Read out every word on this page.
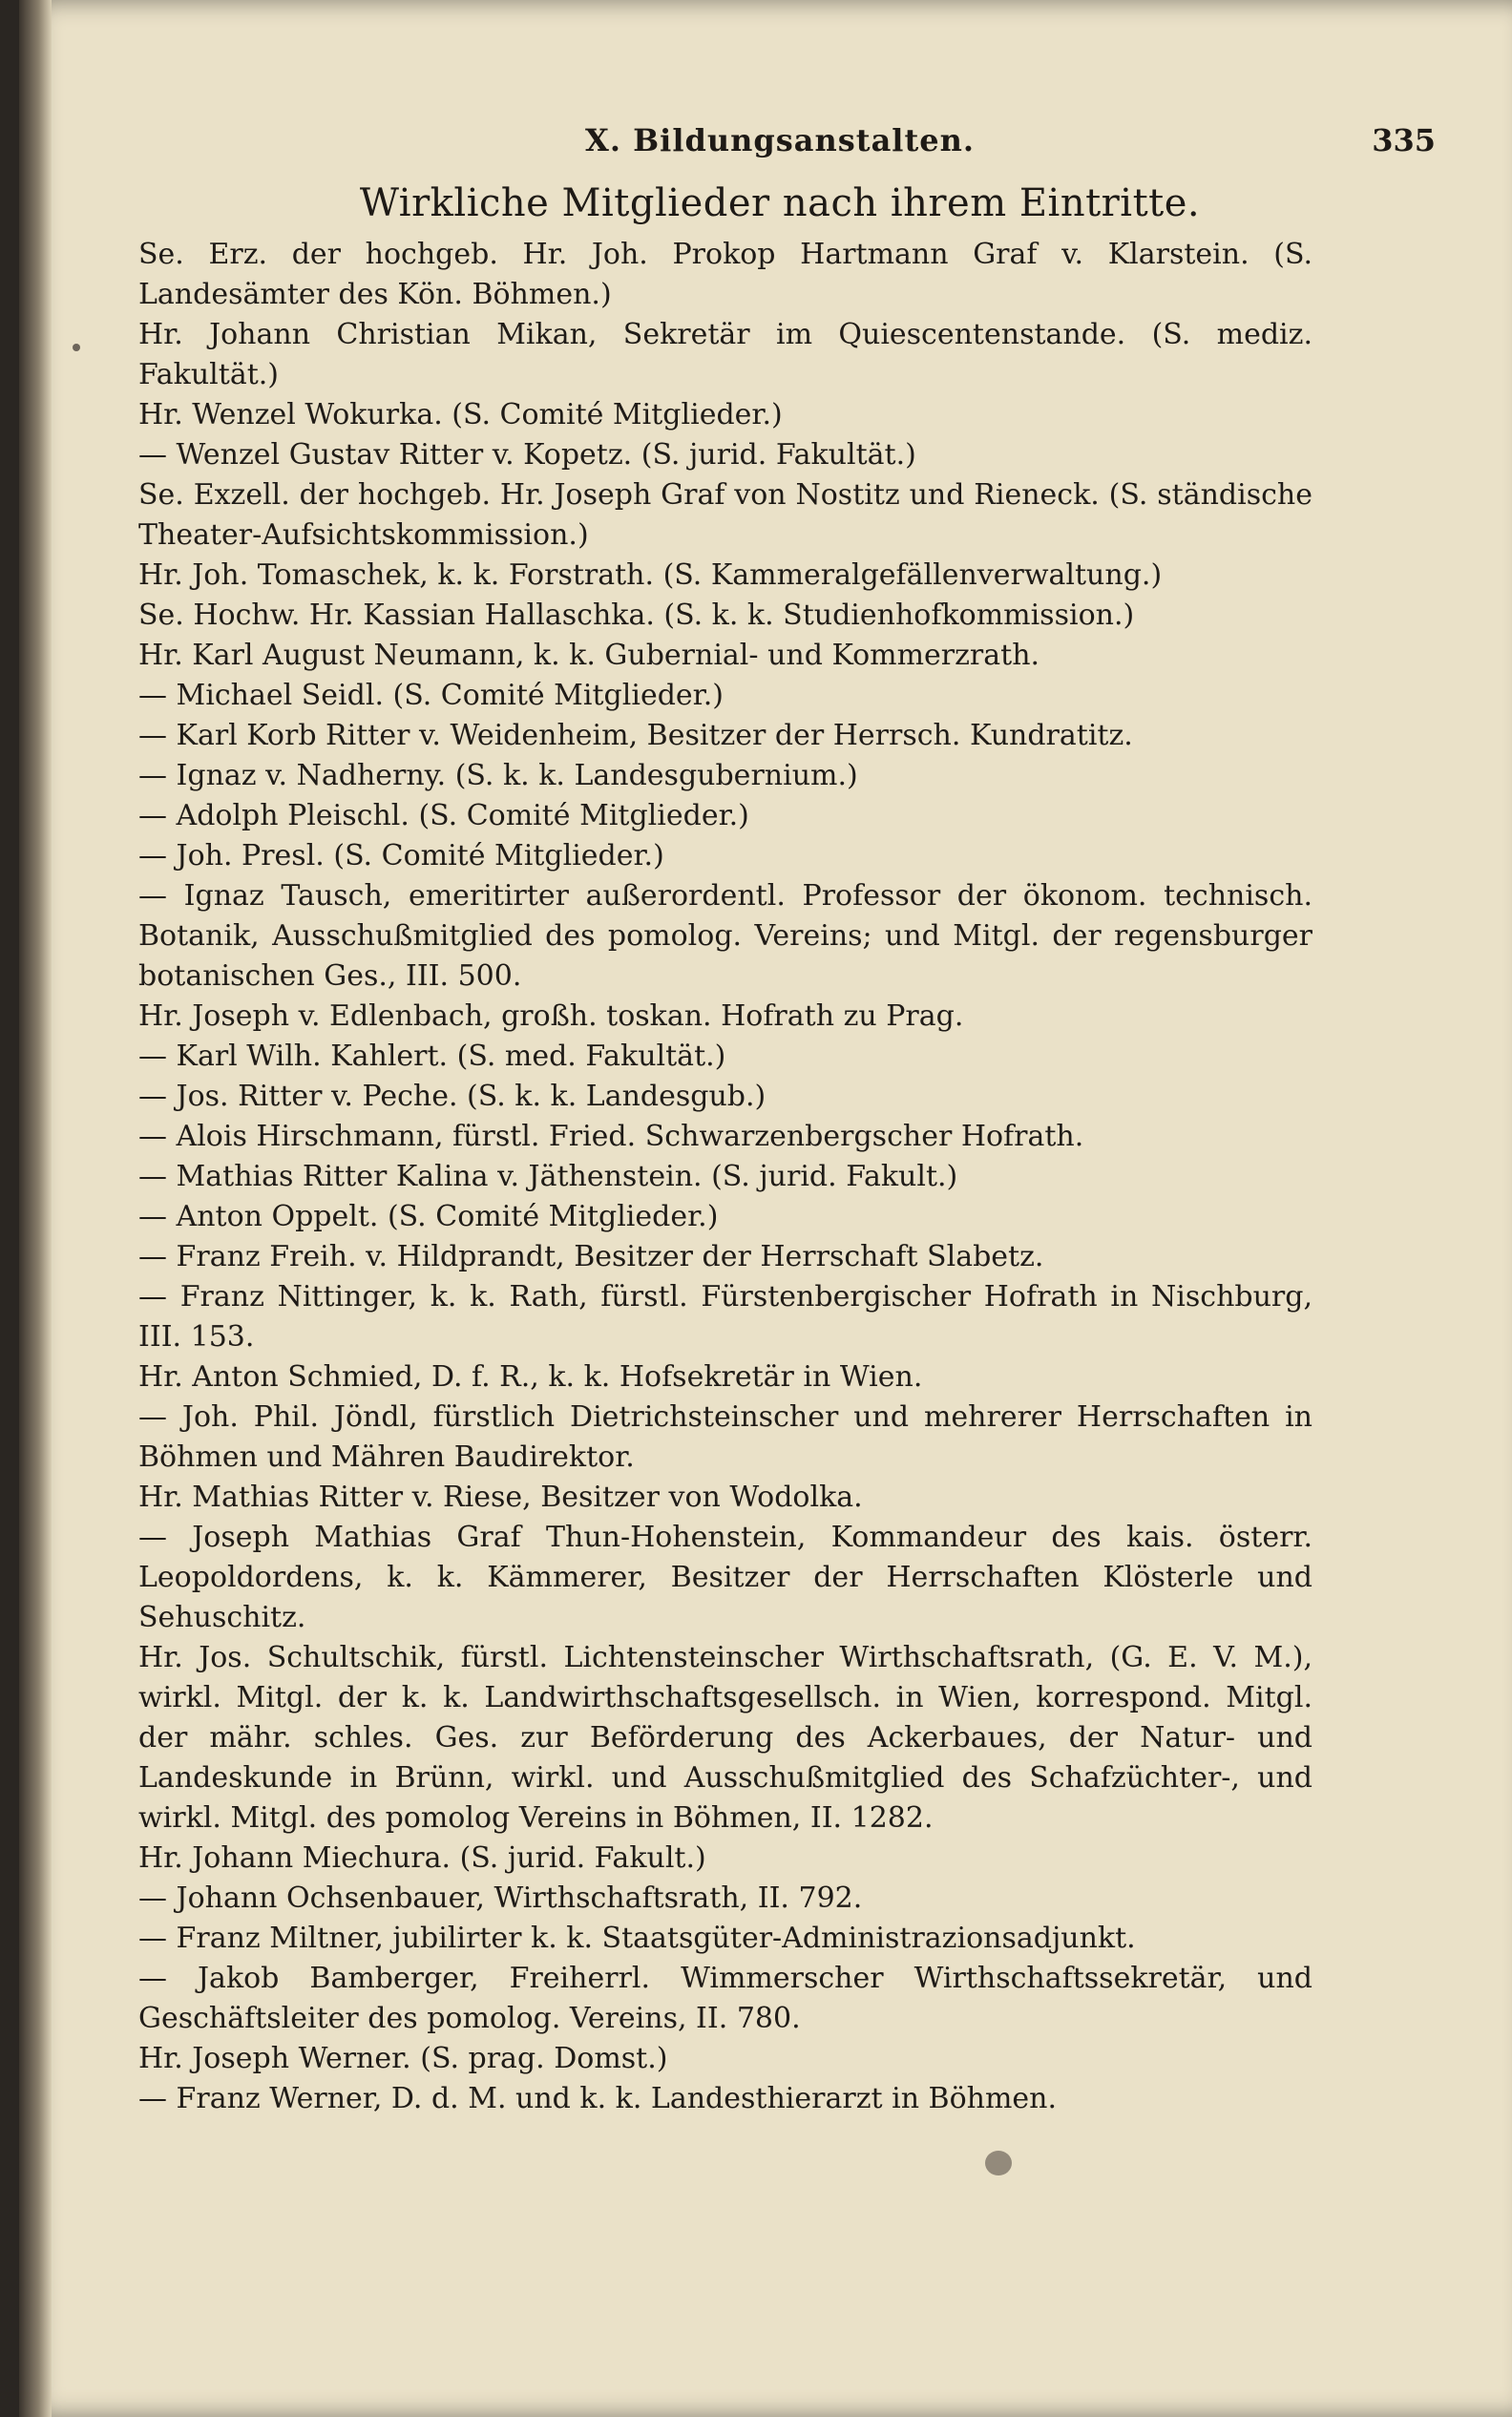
X. Bildungsanstalten.	335
Wirkliche Mitglieder nach ihrem Eintritte.

Se. Erz. der hochgeb. Hr. Joh. Prokop Hartmann Graf v. Klarstein. (S. Landesämter des Kön. Böhmen.)

Hr. Johann Christian Mikan, Sekretär im Quiescentenstande. (S. mediz. Fakultät.)

Hr. Wenzel Wokurka. (S. Comité Mitglieder.)

— Wenzel Gustav Ritter v. Kopetz. (S. jurid. Fakultät.)

Se. Exzell. der hochgeb. Hr. Joseph Graf von Nostitz und Rieneck. (S. ständische Theater-Aufsichtskommission.)

Hr. Joh. Tomaschek, k. k. Forstrath. (S. Kammeralgefällenverwaltung.)

Se. Hochw. Hr. Kassian Hallaschka. (S. k. k. Studienhofkommission.)

Hr. Karl August Neumann, k. k. Gubernial- und Kommerzrath.

— Michael Seidl. (S. Comité Mitglieder.)

— Karl Korb Ritter v. Weidenheim, Besitzer der Herrsch. Kundratitz.

— Ignaz v. Nadherny. (S. k. k. Landesgubernium.)

— Adolph Pleischl. (S. Comité Mitglieder.)

— Joh. Presl. (S. Comité Mitglieder.)

— Ignaz Tausch, emeritirter außerordentl. Professor der ökonom. technisch. Botanik, Ausschußmitglied des pomolog. Vereins; und Mitgl. der regensburger botanischen Ges., III. 500.

Hr. Joseph v. Edlenbach, großh. toskan. Hofrath zu Prag.

— Karl Wilh. Kahlert. (S. med. Fakultät.)

— Jos. Ritter v. Peche. (S. k. k. Landesgub.)

— Alois Hirschmann, fürstl. Fried. Schwarzenbergscher Hofrath.

— Mathias Ritter Kalina v. Jäthenstein. (S. jurid. Fakult.)

— Anton Oppelt. (S. Comité Mitglieder.)

— Franz Freih. v. Hildprandt, Besitzer der Herrschaft Slabetz.

— Franz Nittinger, k. k. Rath, fürstl. Fürstenbergischer Hofrath in Nischburg, III. 153.

Hr. Anton Schmied, D. f. R., k. k. Hofsekretär in Wien.

— Joh. Phil. Jöndl, fürstlich Dietrichsteinscher und mehrerer Herrschaften in Böhmen und Mähren Baudirektor.

Hr. Mathias Ritter v. Riese, Besitzer von Wodolka.

— Joseph Mathias Graf Thun-Hohenstein, Kommandeur des kais. österr. Leopoldordens, k. k. Kämmerer, Besitzer der Herrschaften Klösterle und Sehuschitz.

Hr. Jos. Schultschik, fürstl. Lichtensteinscher Wirthschaftsrath, (G. E. V. M.), wirkl. Mitgl. der k. k. Landwirthschaftsgesellsch. in Wien, korrespond. Mitgl. der mähr. schles. Ges. zur Beförderung des Ackerbaues, der Natur- und Landeskunde in Brünn, wirkl. und Ausschußmitglied des Schafzüchter-, und wirkl. Mitgl. des pomolog Vereins in Böhmen, II. 1282.

Hr. Johann Miechura. (S. jurid. Fakult.)

— Johann Ochsenbauer, Wirthschaftsrath, II. 792.

— Franz Miltner, jubilirter k. k. Staatsgüter-Administrazionsadjunkt.

— Jakob Bamberger, Freiherrl. Wimmerscher Wirthschaftssekretär, und Geschäftsleiter des pomolog. Vereins, II. 780.

Hr. Joseph Werner. (S. prag. Domst.)

— Franz Werner, D. d. M. und k. k. Landesthierarzt in Böhmen.
